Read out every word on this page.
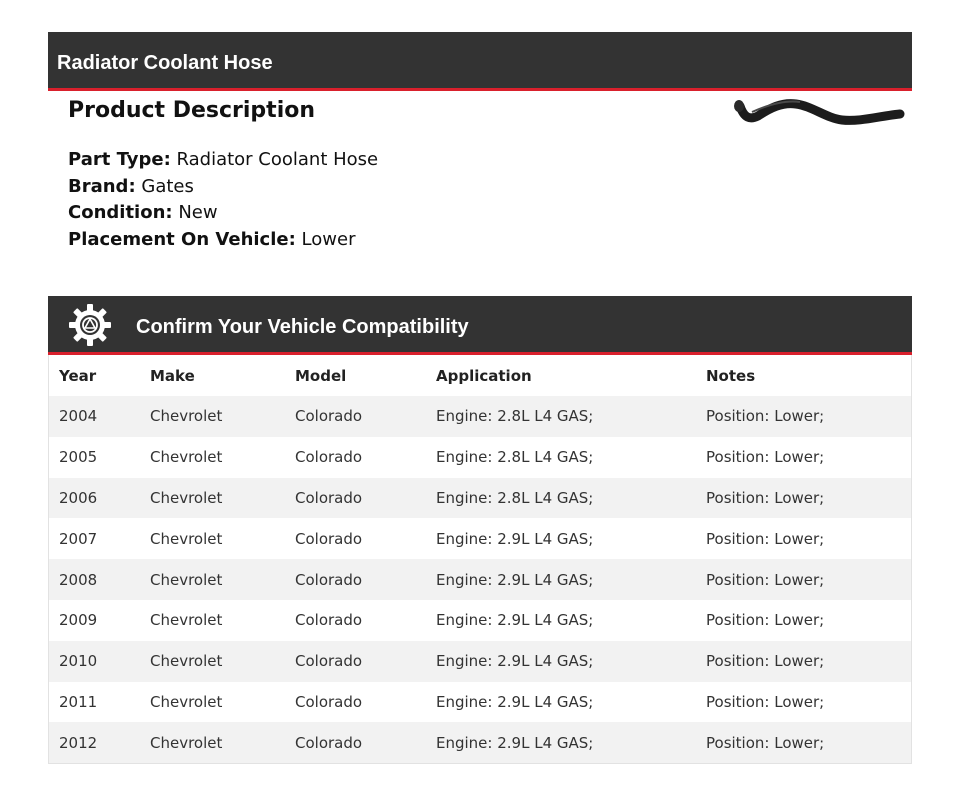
Radiator Coolant Hose
Product Description
Part Type: Radiator Coolant Hose
Brand: Gates
Condition: New
Placement On Vehicle: Lower
Confirm Your Vehicle Compatibility
Year	Make	Model	Application	Notes
2004	Chevrolet	Colorado	Engine: 2.8L L4 GAS;	Position: Lower;
2005	Chevrolet	Colorado	Engine: 2.8L L4 GAS;	Position: Lower;
2006	Chevrolet	Colorado	Engine: 2.8L L4 GAS;	Position: Lower;
2007	Chevrolet	Colorado	Engine: 2.9L L4 GAS;	Position: Lower;
2008	Chevrolet	Colorado	Engine: 2.9L L4 GAS;	Position: Lower;
2009	Chevrolet	Colorado	Engine: 2.9L L4 GAS;	Position: Lower;
2010	Chevrolet	Colorado	Engine: 2.9L L4 GAS;	Position: Lower;
2011	Chevrolet	Colorado	Engine: 2.9L L4 GAS;	Position: Lower;
2012	Chevrolet	Colorado	Engine: 2.9L L4 GAS;	Position: Lower;
